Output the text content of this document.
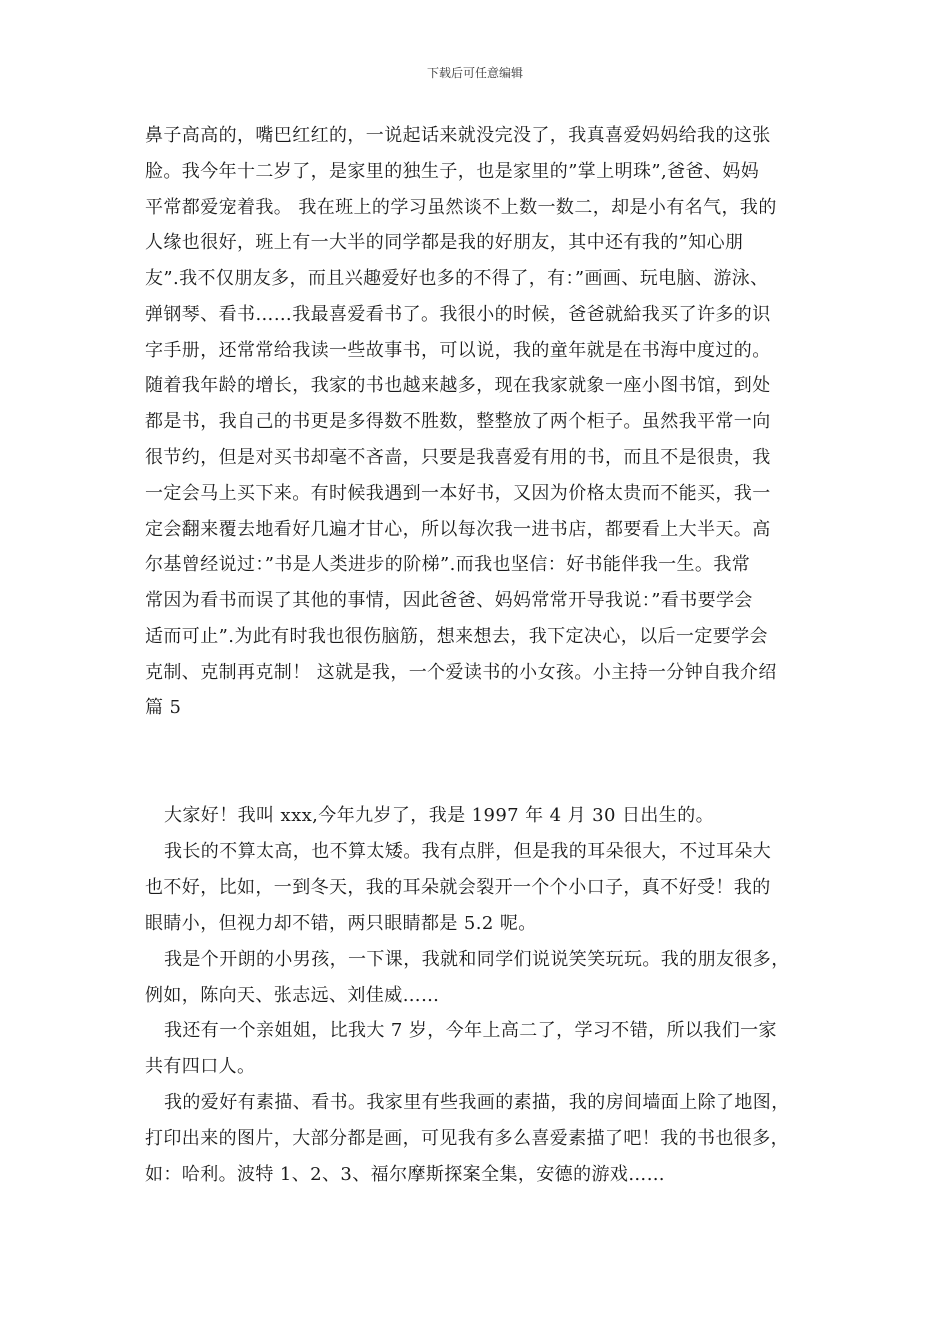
下载后可任意编辑
鼻子高高的，嘴巴红红的，一说起话来就没完没了，我真喜爱妈妈给我的这张
脸。我今年十二岁了，是家里的独生子，也是家里的”掌上明珠”,爸爸、妈妈
平常都爱宠着我。 我在班上的学习虽然谈不上数一数二，却是小有名气，我的
人缘也很好，班上有一大半的同学都是我的好朋友，其中还有我的”知心朋
友”.我不仅朋友多，而且兴趣爱好也多的不得了，有：”画画、玩电脑、游泳、
弹钢琴、看书……我最喜爱看书了。我很小的时候，爸爸就給我买了许多的识
字手册，还常常给我读一些故事书，可以说，我的童年就是在书海中度过的。
随着我年龄的增长，我家的书也越来越多，现在我家就象一座小图书馆，到处
都是书，我自己的书更是多得数不胜数，整整放了两个柜子。虽然我平常一向
很节约，但是对买书却毫不吝啬，只要是我喜爱有用的书，而且不是很贵，我
一定会马上买下来。有时候我遇到一本好书，又因为价格太贵而不能买，我一
定会翻来覆去地看好几遍才甘心，所以每次我一进书店，都要看上大半天。高
尔基曾经说过：”书是人类进步的阶梯”.而我也坚信：好书能伴我一生。我常
常因为看书而误了其他的事情，因此爸爸、妈妈常常开导我说：”看书要学会
适而可止”.为此有时我也很伤脑筋，想来想去，我下定决心，以后一定要学会
克制、克制再克制！ 这就是我，一个爱读书的小女孩。小主持一分钟自我介绍
篇 5
大家好！我叫 xxx,今年九岁了，我是 1997 年 4 月 30 日出生的。
我长的不算太高，也不算太矮。我有点胖，但是我的耳朵很大，不过耳朵大
也不好，比如，一到冬天，我的耳朵就会裂开一个个小口子，真不好受！我的
眼睛小，但视力却不错，两只眼睛都是 5.2 呢。
我是个开朗的小男孩，一下课，我就和同学们说说笑笑玩玩。我的朋友很多，
例如，陈向天、张志远、刘佳威……
我还有一个亲姐姐，比我大 7 岁，今年上高二了，学习不错，所以我们一家
共有四口人。
我的爱好有素描、看书。我家里有些我画的素描，我的房间墙面上除了地图，
打印出来的图片，大部分都是画，可见我有多么喜爱素描了吧！我的书也很多，
如：哈利。波特 1、2、3、福尔摩斯探案全集，安德的游戏……
